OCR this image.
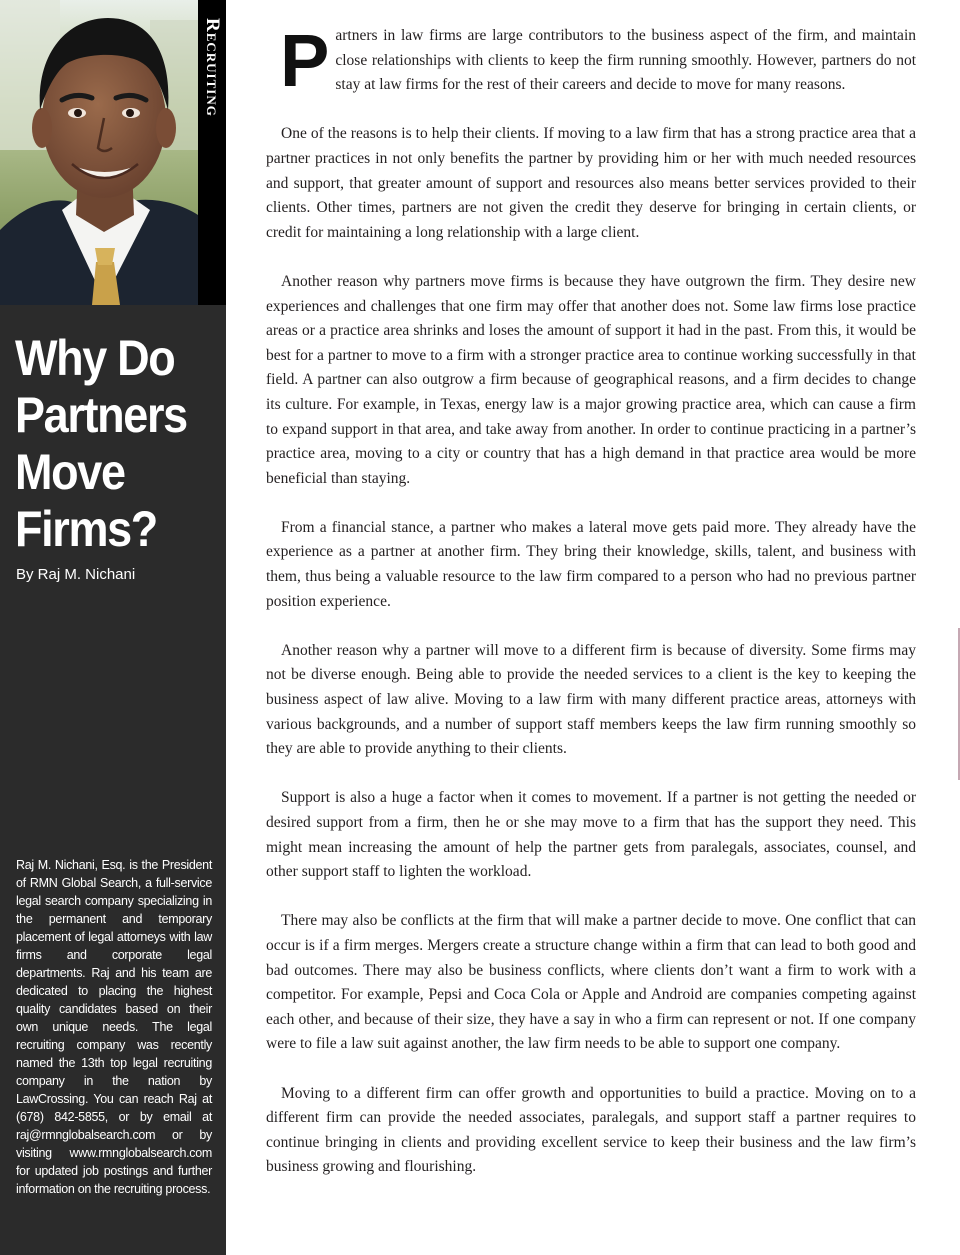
Recruiting
Why Do
Partners
Move
Firms?
By Raj M. Nichani
Raj M. Nichani, Esq. is the President of RMN Global Search, a full-service legal search company specializing in the permanent and temporary placement of legal attorneys with law firms and corporate legal departments. Raj and his team are dedicated to placing the highest quality candidates based on their own unique needs. The legal recruiting company was recently named the 13th top legal recruiting company in the nation by LawCrossing. You can reach Raj at (678) 842-5855, or by email at raj@rmnglobalsearch.com or by visiting www.rmnglobalsearch.com for updated job postings and further information on the recruiting process.

Partners in law firms are large contributors to the business aspect of the firm, and maintain close relationships with clients to keep the firm running smoothly. However, partners do not stay at law firms for the rest of their careers and decide to move for many reasons.

One of the reasons is to help their clients. If moving to a law firm that has a strong practice area that a partner practices in not only benefits the partner by providing him or her with much needed resources and support, that greater amount of support and resources also means better services provided to their clients. Other times, partners are not given the credit they deserve for bringing in certain clients, or credit for maintaining a long relationship with a large client.

Another reason why partners move firms is because they have outgrown the firm. They desire new experiences and challenges that one firm may offer that another does not. Some law firms lose practice areas or a practice area shrinks and loses the amount of support it had in the past. From this, it would be best for a partner to move to a firm with a stronger practice area to continue working successfully in that field. A partner can also outgrow a firm because of geographical reasons, and a firm decides to change its culture. For example, in Texas, energy law is a major growing practice area, which can cause a firm to expand support in that area, and take away from another. In order to continue practicing in a partner’s practice area, moving to a city or country that has a high demand in that practice area would be more beneficial than staying.

From a financial stance, a partner who makes a lateral move gets paid more. They already have the experience as a partner at another firm. They bring their knowledge, skills, talent, and business with them, thus being a valuable resource to the law firm compared to a person who had no previous partner position experience.

Another reason why a partner will move to a different firm is because of diversity. Some firms may not be diverse enough. Being able to provide the needed services to a client is the key to keeping the business aspect of law alive. Moving to a law firm with many different practice areas, attorneys with various backgrounds, and a number of support staff members keeps the law firm running smoothly so they are able to provide anything to their clients.

Support is also a huge a factor when it comes to movement. If a partner is not getting the needed or desired support from a firm, then he or she may move to a firm that has the support they need. This might mean increasing the amount of help the partner gets from paralegals, associates, counsel, and other support staff to lighten the workload.

There may also be conflicts at the firm that will make a partner decide to move. One conflict that can occur is if a firm merges. Mergers create a structure change within a firm that can lead to both good and bad outcomes. There may also be business conflicts, where clients don’t want a firm to work with a competitor. For example, Pepsi and Coca Cola or Apple and Android are companies competing against each other, and because of their size, they have a say in who a firm can represent or not. If one company were to file a law suit against another, the law firm needs to be able to support one company.

Moving to a different firm can offer growth and opportunities to build a practice. Moving on to a different firm can provide the needed associates, paralegals, and support staff a partner requires to continue bringing in clients and providing excellent service to keep their business and the law firm’s business growing and flourishing.
